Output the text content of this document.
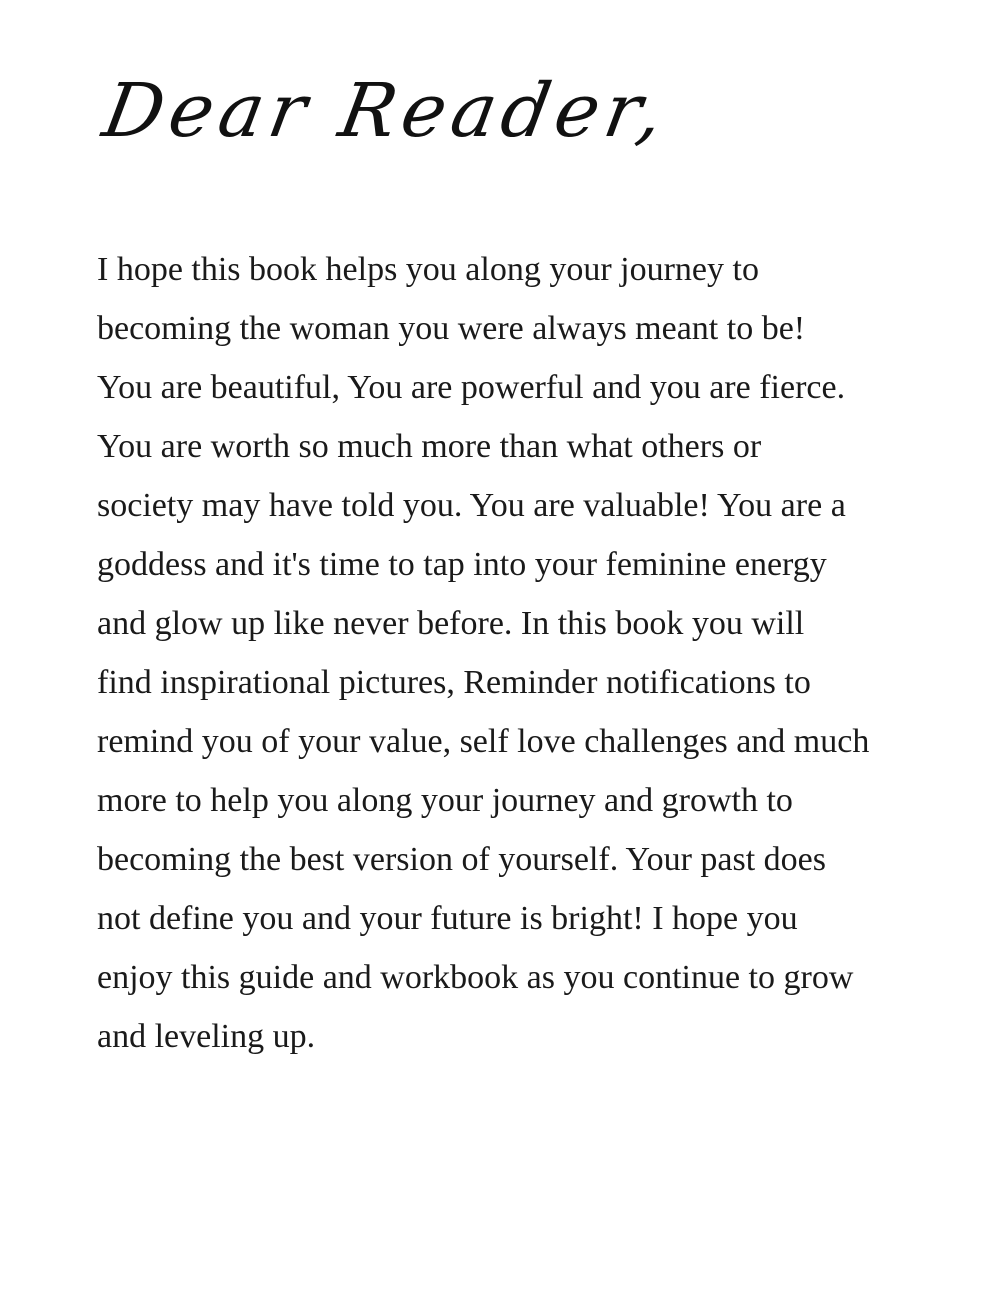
Dear Reader,
I hope this book helps you along your journey to
becoming the woman you were always meant to be!
You are beautiful, You are powerful and you are fierce.
You are worth so much more than what others or
society may have told you. You are valuable! You are a
goddess and it's time to tap into your feminine energy
and glow up like never before. In this book you will
find inspirational pictures, Reminder notifications to
remind you of your value, self love challenges and much
more to help you along your journey and growth to
becoming the best version of yourself. Your past does
not define you and your future is bright! I hope you
enjoy this guide and workbook as you continue to grow
and leveling up.
